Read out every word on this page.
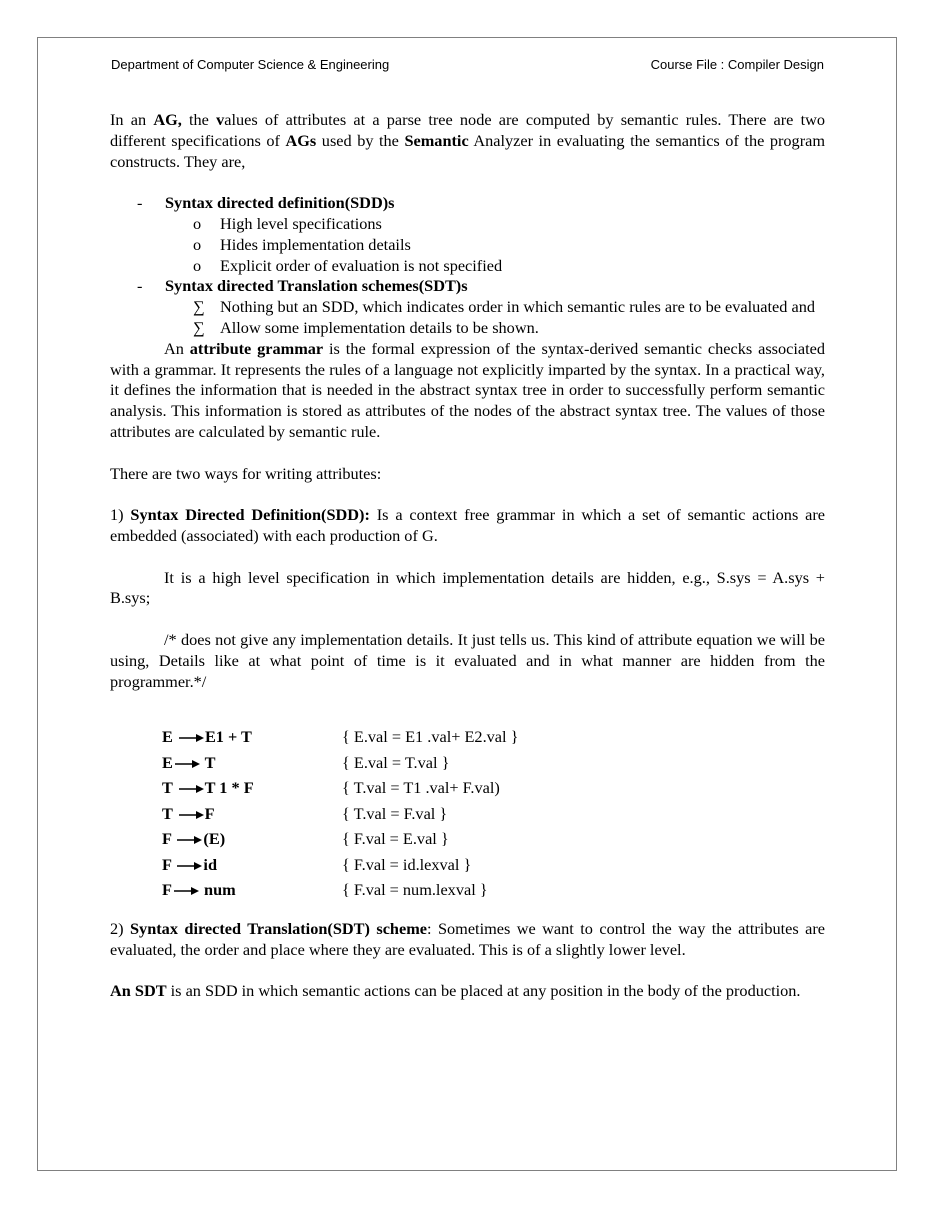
Department of Computer Science & Engineering	Course File : Compiler Design

In an AG, the values of attributes at a parse tree node are computed by semantic rules. There are two different specifications of AGs used by the Semantic Analyzer in evaluating the semantics of the program constructs. They are,

- Syntax directed definition(SDD)s

o High level specifications

o Hides implementation details

o Explicit order of evaluation is not specified

- Syntax directed Translation schemes(SDT)s

∑ Nothing but an SDD, which indicates order in which semantic rules are to be evaluated and

∑ Allow some implementation details to be shown.

An attribute grammar is the formal expression of the syntax-derived semantic checks associated with a grammar. It represents the rules of a language not explicitly imparted by the syntax. In a practical way, it defines the information that is needed in the abstract syntax tree in order to successfully perform semantic analysis. This information is stored as attributes of the nodes of the abstract syntax tree. The values of those attributes are calculated by semantic rule.

There are two ways for writing attributes:

1) Syntax Directed Definition(SDD): Is a context free grammar in which a set of semantic actions are embedded (associated) with each production of G.

It is a high level specification in which implementation details are hidden, e.g., S.sys = A.sys + B.sys;

/* does not give any implementation details. It just tells us. This kind of attribute equation we will be using, Details like at what point of time is it evaluated and in what manner are hidden from the programmer.*/

E E1 + T	{ E.val = E1 .val+ E2.val }
E T	{ E.val = T.val }
T T 1 * F	{ T.val = T1 .val+ F.val)
T F	{ T.val = F.val }
F (E)	{ F.val = E.val }
F id	{ F.val = id.lexval }
F num	{ F.val = num.lexval }

2) Syntax directed Translation(SDT) scheme: Sometimes we want to control the way the attributes are evaluated, the order and place where they are evaluated. This is of a slightly lower level.

An SDT is an SDD in which semantic actions can be placed at any position in the body of the production.
